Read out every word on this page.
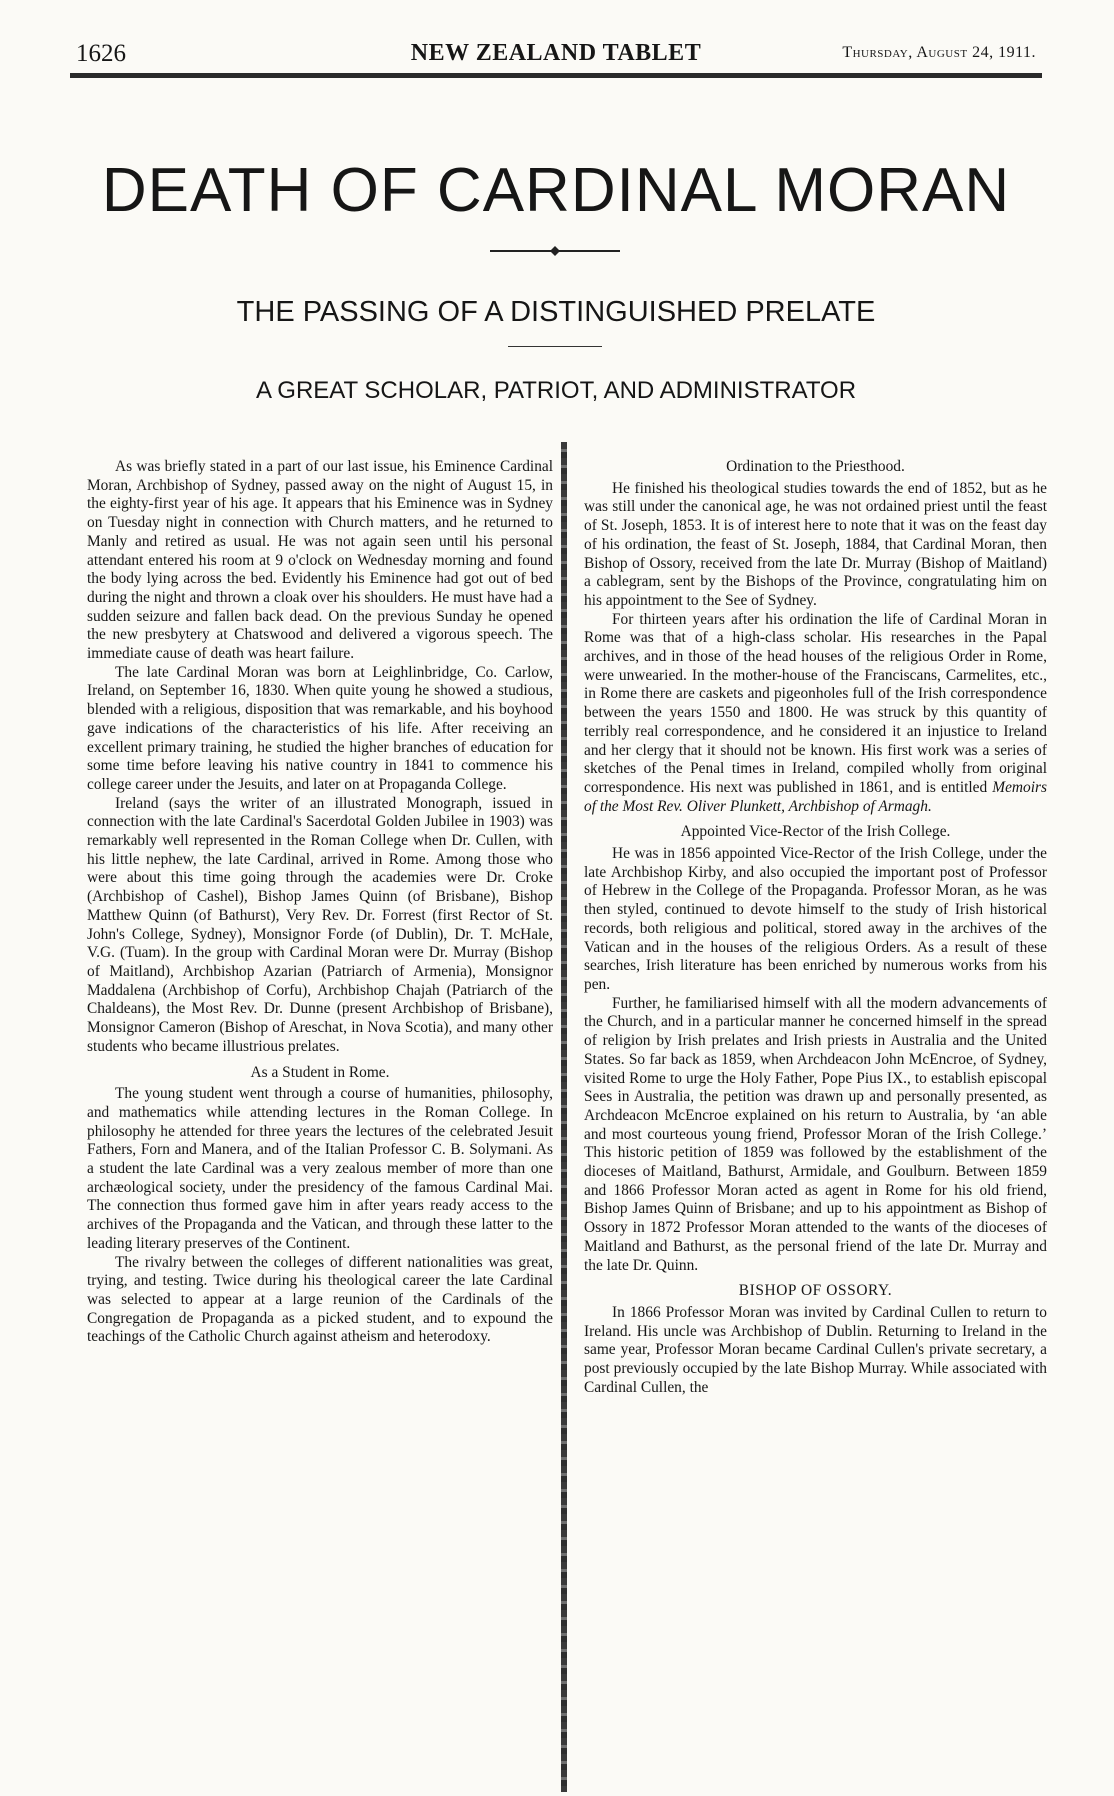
1626	NEW ZEALAND TABLET	Thursday, August 24, 1911.
DEATH OF CARDINAL MORAN
THE PASSING OF A DISTINGUISHED PRELATE
A GREAT SCHOLAR, PATRIOT, AND ADMINISTRATOR

As was briefly stated in a part of our last issue, his Eminence Cardinal Moran, Archbishop of Sydney, passed away on the night of August 15, in the eighty-first year of his age. It appears that his Eminence was in Sydney on Tuesday night in connection with Church matters, and he returned to Manly and retired as usual. He was not again seen until his personal attendant entered his room at 9 o'clock on Wednesday morning and found the body lying across the bed. Evidently his Eminence had got out of bed during the night and thrown a cloak over his shoulders. He must have had a sudden seizure and fallen back dead. On the previous Sunday he opened the new presbytery at Chatswood and delivered a vigorous speech. The immediate cause of death was heart failure.

The late Cardinal Moran was born at Leighlinbridge, Co. Carlow, Ireland, on September 16, 1830. When quite young he showed a studious, blended with a religious, disposition that was remarkable, and his boyhood gave indications of the characteristics of his life. After receiving an excellent primary training, he studied the higher branches of education for some time before leaving his native country in 1841 to commence his college career under the Jesuits, and later on at Propaganda College.

Ireland (says the writer of an illustrated Monograph, issued in connection with the late Cardinal's Sacerdotal Golden Jubilee in 1903) was remarkably well represented in the Roman College when Dr. Cullen, with his little nephew, the late Cardinal, arrived in Rome. Among those who were about this time going through the academies were Dr. Croke (Archbishop of Cashel), Bishop James Quinn (of Brisbane), Bishop Matthew Quinn (of Bathurst), Very Rev. Dr. Forrest (first Rector of St. John's College, Sydney), Monsignor Forde (of Dublin), Dr. T. McHale, V.G. (Tuam). In the group with Cardinal Moran were Dr. Murray (Bishop of Maitland), Archbishop Azarian (Patriarch of Armenia), Monsignor Maddalena (Archbishop of Corfu), Archbishop Chajah (Patriarch of the Chaldeans), the Most Rev. Dr. Dunne (present Archbishop of Brisbane), Monsignor Cameron (Bishop of Areschat, in Nova Scotia), and many other students who became illustrious prelates.

As a Student in Rome.

The young student went through a course of humanities, philosophy, and mathematics while attending lectures in the Roman College. In philosophy he attended for three years the lectures of the celebrated Jesuit Fathers, Forn and Manera, and of the Italian Professor C. B. Solymani. As a student the late Cardinal was a very zealous member of more than one archæological society, under the presidency of the famous Cardinal Mai. The connection thus formed gave him in after years ready access to the archives of the Propaganda and the Vatican, and through these latter to the leading literary preserves of the Continent.

The rivalry between the colleges of different nationalities was great, trying, and testing. Twice during his theological career the late Cardinal was selected to appear at a large reunion of the Cardinals of the Congregation de Propaganda as a picked student, and to expound the teachings of the Catholic Church against atheism and heterodoxy.

Ordination to the Priesthood.

He finished his theological studies towards the end of 1852, but as he was still under the canonical age, he was not ordained priest until the feast of St. Joseph, 1853. It is of interest here to note that it was on the feast day of his ordination, the feast of St. Joseph, 1884, that Cardinal Moran, then Bishop of Ossory, received from the late Dr. Murray (Bishop of Maitland) a cablegram, sent by the Bishops of the Province, congratulating him on his appointment to the See of Sydney.

For thirteen years after his ordination the life of Cardinal Moran in Rome was that of a high-class scholar. His researches in the Papal archives, and in those of the head houses of the religious Order in Rome, were unwearied. In the mother-house of the Franciscans, Carmelites, etc., in Rome there are caskets and pigeonholes full of the Irish correspondence between the years 1550 and 1800. He was struck by this quantity of terribly real correspondence, and he considered it an injustice to Ireland and her clergy that it should not be known. His first work was a series of sketches of the Penal times in Ireland, compiled wholly from original correspondence. His next was published in 1861, and is entitled Memoirs of the Most Rev. Oliver Plunkett, Archbishop of Armagh.

Appointed Vice-Rector of the Irish College.

He was in 1856 appointed Vice-Rector of the Irish College, under the late Archbishop Kirby, and also occupied the important post of Professor of Hebrew in the College of the Propaganda. Professor Moran, as he was then styled, continued to devote himself to the study of Irish historical records, both religious and political, stored away in the archives of the Vatican and in the houses of the religious Orders. As a result of these searches, Irish literature has been enriched by numerous works from his pen.

Further, he familiarised himself with all the modern advancements of the Church, and in a particular manner he concerned himself in the spread of religion by Irish prelates and Irish priests in Australia and the United States. So far back as 1859, when Archdeacon John McEncroe, of Sydney, visited Rome to urge the Holy Father, Pope Pius IX., to establish episcopal Sees in Australia, the petition was drawn up and personally presented, as Archdeacon McEncroe explained on his return to Australia, by ‘an able and most courteous young friend, Professor Moran of the Irish College.’ This historic petition of 1859 was followed by the establishment of the dioceses of Maitland, Bathurst, Armidale, and Goulburn. Between 1859 and 1866 Professor Moran acted as agent in Rome for his old friend, Bishop James Quinn of Brisbane; and up to his appointment as Bishop of Ossory in 1872 Professor Moran attended to the wants of the dioceses of Maitland and Bathurst, as the personal friend of the late Dr. Murray and the late Dr. Quinn.

BISHOP OF OSSORY.

In 1866 Professor Moran was invited by Cardinal Cullen to return to Ireland. His uncle was Archbishop of Dublin. Returning to Ireland in the same year, Professor Moran became Cardinal Cullen's private secretary, a post previously occupied by the late Bishop Murray. While associated with Cardinal Cullen, the
